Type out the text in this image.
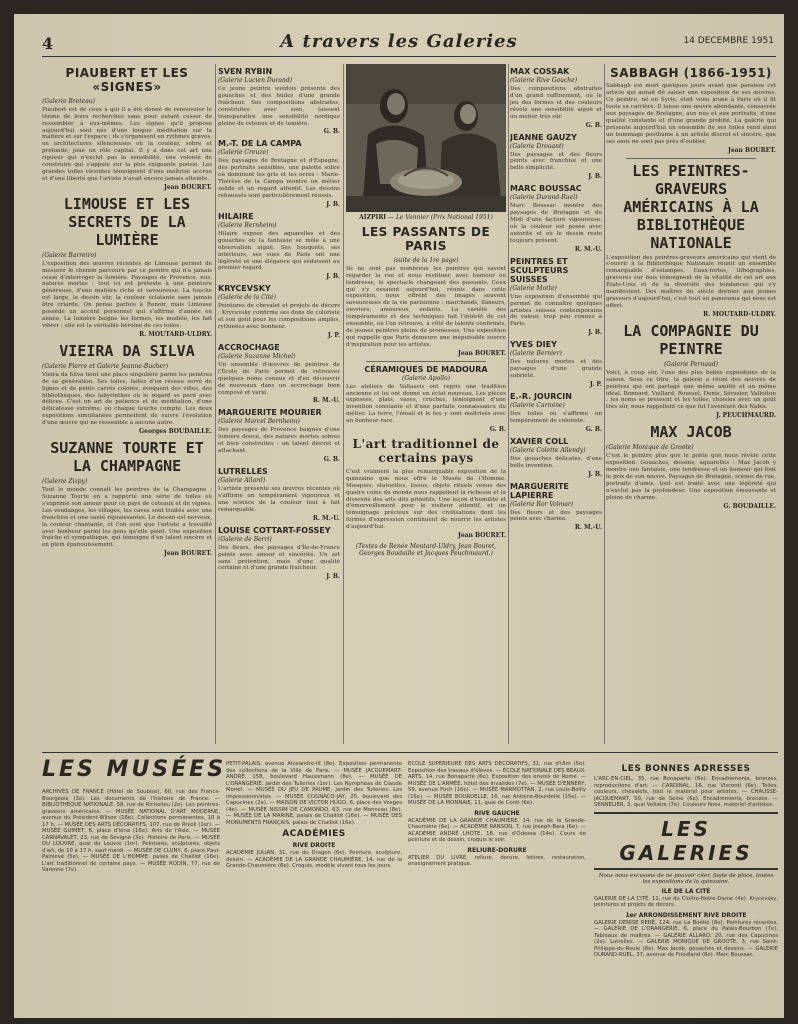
4	A travers les Galeries	14 DECEMBRE 1951
PIAUBERT ET LES «SIGNES»
(Galerie Breteau)

Piaubert est de ceux à qui il a été donné de renouveler le thème de leurs recherches sans pour autant cesser de ressembler à eux-mêmes. Les signes qu'il propose aujourd'hui sont nés d'une longue méditation sur la matière et sur l'espace ; ils s'organisent en rythmes graves, en architectures silencieuses où la couleur, sobre et profonde, joue un rôle capital. Il y a dans cet art une rigueur qui n'exclut pas la sensibilité, une volonté de construire qui s'appuie sur la plus exigeante poésie. Les grandes toiles récentes témoignent d'une maîtrise accrue et d'une liberté que l'artiste n'avait encore jamais atteinte.

Jean BOURET.
LIMOUSE ET LES SECRETS DE LA LUMIÈRE
(Galerie Barreiro)

L'exposition des œuvres récentes de Limouse permet de mesurer le chemin parcouru par ce peintre qui n'a jamais cessé d'interroger la lumière. Paysages de Provence, nus, natures mortes : tout ici est prétexte à une peinture généreuse, d'une matière riche et savoureuse. La touche est large, le dessin sûr, la couleur éclatante sans jamais être criarde. On pense parfois à Renoir, mais Limouse possède un accent personnel qui s'affirme d'année en année. La lumière baigne les formes, les modèle, les fait vibrer ; elle est la véritable héroïne de ces toiles.

R. MOUTARD-ULDRY.
VIEIRA DA SILVA
(Galerie Pierre et Galerie Jeanne-Bucher)

Vieira da Silva tient une place singulière parmi les peintres de sa génération. Ses toiles, faites d'un réseau serré de lignes et de petits carrés colorés, évoquent des villes, des bibliothèques, des labyrinthes où le regard se perd avec délices. C'est un art de patience et de méditation, d'une délicatesse extrême, où chaque touche compte. Les deux expositions simultanées permettent de suivre l'évolution d'une œuvre qui ne ressemble à aucune autre.

Georges BOUDAILLE.
SUZANNE TOURTE ET LA CHAMPAGNE
(Galerie Zizpy)

Tout le monde connaît les peintres de la Champagne ; Suzanne Tourte en a rapporté une série de toiles où s'exprime son amour pour ce pays de coteaux et de vignes. Les vendanges, les villages, les caves sont traités avec une franchise et une santé réjouissantes. Le dessin est nerveux, la couleur chantante, et l'on sent que l'artiste a travaillé avec bonheur parmi les gens qu'elle peint. Une exposition fraîche et sympathique, qui témoigne d'un talent sincère et en plein épanouissement.

Jean BOURET.
SVEN RYBIN
(Galerie Lucien Durand)

Ce jeune peintre suédois présente des gouaches et des huiles d'une grande fraîcheur. Ses compositions abstraites, construites avec soin, laissent transparaître une sensibilité nordique pleine de retenue et de lumière.

G. B.
M.-T. DE LA CAMPA
(Galerie Creuze)

Des paysages de Bretagne et d'Espagne, des portraits sensibles, une palette sobre où dominent les gris et les ocres : Marie-Thérèse de la Campa montre un métier solide et un regard attentif. Les dessins rehaussés sont particulièrement réussis.

J. B.
HILAIRE
(Galerie Bernheim)

Hilaire expose des aquarelles et des gouaches où la fantaisie se mêle à une observation aiguë. Ses bouquets, ses intérieurs, ses vues de Paris ont une légèreté et une élégance qui séduisent au premier regard.

J. B.
KRYCEVSKY
(Galerie de la Cité)

Peintures de chevalet et projets de décors : Krycevsky confirme ses dons de coloriste et son goût pour les compositions amples, rythmées avec bonheur.

J. P.
ACCROCHAGE
(Galerie Suzanne Michel)

Un ensemble d'œuvres de peintres de l'École de Paris permet de retrouver quelques noms connus et d'en découvrir de nouveaux dans un accrochage bien composé et varié.

R. M.-U.
MARGUERITE MOURIER
(Galerie Marcel Bernheim)

Des paysages de Provence baignés d'une lumière douce, des natures mortes sobres et bien construites : un talent discret et attachant.

G. B.
LUTRELLES
(Galerie Allard)

L'artiste présente ses œuvres récentes où s'affirme un tempérament vigoureux et une science de la couleur tout à fait remarquable.

R. M.-U.
LOUISE COTTART-FOSSEY
(Galerie de Berri)

Des fleurs, des paysages d'Île-de-France peints avec amour et sincérité. Un art sans prétention, mais d'une qualité certaine et d'une grande fraîcheur.

J. B.
AIZPIRI — Le Vannier (Prix National 1951)
LES PASSANTS DE PARIS
(suite de la 1re page)

Ils ne sont pas nombreux les peintres qui savent regarder la rue et nous restituer, avec humour ou tendresse, le spectacle changeant des passants. Ceux qui s'y essaient aujourd'hui, réunis dans cette exposition, nous offrent des images souvent savoureuses de la vie parisienne : marchands, flâneurs, ouvriers, amoureux, enfants. La variété des tempéraments et des techniques fait l'intérêt de cet ensemble, où l'on retrouve, à côté de talents confirmés, de jeunes peintres pleins de promesses. Une exposition qui rappelle que Paris demeure une inépuisable source d'inspiration pour les artistes.

Jean BOURET.
CÉRAMIQUES DE MADOURA
(Galerie Apollo)

Les ateliers de Vallauris ont repris une tradition ancienne et lui ont donné un éclat nouveau. Les pièces exposées, plats, vases, cruches, témoignent d'une invention constante et d'une parfaite connaissance du métier. La terre, l'émail et le feu y sont maîtrisés avec un bonheur rare.

G. B.
L'art traditionnel de certains pays

C'est vraiment la plus remarquable exposition de la quinzaine que nous offre le Musée de l'Homme. Masques, statuettes, tissus, objets rituels venus des quatre coins du monde nous rappellent la richesse et la diversité des arts dits primitifs. Une leçon d'humilité et d'émerveillement pour le visiteur attentif, et un témoignage précieux sur des civilisations dont les formes d'expression continuent de nourrir les artistes d'aujourd'hui.

Jean BOURET.
(Textes de Renée Moutard-Uldry, Jean Bouret, Georges Boudaille et Jacques Peuchmaurd.)
MAX COSSAK
(Galerie Rive Gauche)

Des compositions abstraites d'un grand raffinement, où le jeu des formes et des couleurs révèle une sensibilité aiguë et un métier très sûr.

G. B.
JEANNE GAUZY
(Galerie Drouant)

Des paysages et des fleurs peints avec franchise et une belle simplicité.

J. B.
MARC BOUSSAC
(Galerie Durand-Ruel)

Marc Boussac montre des paysages de Bretagne et du Midi d'une facture vigoureuse, où la couleur est posée avec autorité et où le dessin reste toujours présent.

R. M.-U.
PEINTRES ET SCULPTEURS SUISSES
(Galerie Motte)

Une exposition d'ensemble qui permet de connaître quelques artistes suisses contemporains de valeur, trop peu connus à Paris.

J. B.
YVES DIEY
(Galerie Bernier)

Des natures mortes et des paysages d'une grande sobriété.

J. P.
E.-R. JOURCIN
(Galerie Carmine)

Des toiles où s'affirme un tempérament de coloriste.

G. B.
XAVIER COLL
(Galerie Colette Allendy)

Des gouaches délicates, d'une belle invention.

J. B.
MARGUERITE LAPIERRE
(Galerie Ror Volmar)

Des fleurs et des paysages peints avec charme.

R. M.-U.
SABBAGH (1866-1951)

Sabbagh est mort quelques jours avant que paraisse cet article qui aurait dû saluer une exposition de ses œuvres. Ce peintre, né en Syrie, était venu jeune à Paris où il fit toute sa carrière. Il laisse une œuvre abondante, consacrée aux paysages de Bretagne, aux nus et aux portraits, d'une qualité constante et d'une grande probité. La galerie qui présente aujourd'hui un ensemble de ses toiles rend ainsi un hommage posthume à un artiste discret et sincère, que ses amis ne sont pas près d'oublier.

Jean BOURET.
LES PEINTRES-GRAVEURS AMÉRICAINS À LA BIBLIOTHÈQUE NATIONALE

L'exposition des peintres-graveurs américains qui vient de s'ouvrir à la Bibliothèque Nationale réunit un ensemble remarquable d'estampes. Eaux-fortes, lithographies, gravures sur bois témoignent de la vitalité de cet art aux États-Unis et de la diversité des tendances qui s'y manifestent. Des maîtres du siècle dernier aux jeunes graveurs d'aujourd'hui, c'est tout un panorama qui nous est offert.

R. MOUTARD-ULDRY.
LA COMPAGNIE DU PEINTRE
(Galerie Pernaud)

Voici, à coup sûr, l'une des plus belles expositions de la saison. Sous ce titre, la galerie a réuni des œuvres de peintres qui ont partagé une même amitié et un même idéal. Bonnard, Vuillard, Roussel, Denis, Sérusier, Vallotton : les noms se pressent et les toiles, choisies avec un goût très sûr, nous rappellent ce que fut l'aventure des Nabis.

J. PEUCHMAURD.
MAX JACOB
(Galerie Monique de Groote)

C'est le peintre plus que le poète que nous révèle cette exposition. Gouaches, dessins, aquarelles : Max Jacob y montre une fantaisie, une tendresse et un humour qui font le prix de son œuvre. Paysages de Bretagne, scènes de rue, portraits d'amis, tout est traité avec une légèreté qui n'exclut pas la profondeur. Une exposition émouvante et pleine de charme.

G. BOUDAILLE.
LES MUSÉES

ARCHIVES DE FRANCE (Hôtel de Soubise), 60, rue des Francs-Bourgeois (3e). Les documents de l'histoire de France. — BIBLIOTHÈQUE NATIONALE, 58, rue de Richelieu (2e). Les peintres-graveurs américains. — MUSÉE NATIONAL D'ART MODERNE, avenue du Président-Wilson (16e). Collections permanentes, 10 à 17 h. — MUSÉE DES ARTS DÉCORATIFS, 107, rue de Rivoli (1er). — MUSÉE GUIMET, 6, place d'Iéna (16e). Arts de l'Asie. — MUSÉE CARNAVALET, 23, rue de Sévigné (3e). Histoire de Paris. — MUSÉE DU LOUVRE, quai du Louvre (1er). Peintures, sculptures, objets d'art, de 10 à 17 h, sauf mardi. — MUSÉE DE CLUNY, 6, place Paul-Painlevé (5e). — MUSÉE DE L'HOMME, palais de Chaillot (16e). L'art traditionnel de certains pays. — MUSÉE RODIN, 77, rue de Varenne (7e).

PETIT-PALAIS, avenue Alexandre-III (8e). Exposition permanente des collections de la Ville de Paris. — MUSÉE JACQUEMART-ANDRÉ, 158, boulevard Haussmann (8e). — MUSÉE DE L'ORANGERIE, jardin des Tuileries (1er). Les Nymphéas de Claude Monet. — MUSÉE DU JEU DE PAUME, jardin des Tuileries. Les impressionnistes. — MUSÉE COGNACQ-JAY, 25, boulevard des Capucines (2e). — MAISON DE VICTOR HUGO, 6, place des Vosges (4e). — MUSÉE NISSIM DE CAMONDO, 63, rue de Monceau (8e). — MUSÉE DE LA MARINE, palais de Chaillot (16e). — MUSÉE DES MONUMENTS FRANÇAIS, palais de Chaillot (16e).

ACADÉMIES
RIVE DROITE

ACADÉMIE JULIAN, 31, rue du Dragon (6e). Peinture, sculpture, dessin. — ACADÉMIE DE LA GRANDE CHAUMIÈRE, 14, rue de la Grande-Chaumière (6e). Croquis, modèle vivant tous les jours.

ÉCOLE SUPÉRIEURE DES ARTS DÉCORATIFS, 31, rue d'Ulm (5e). Exposition des travaux d'élèves. — ÉCOLE NATIONALE DES BEAUX-ARTS, 14, rue Bonaparte (6e). Exposition des envois de Rome. — MUSÉE DE L'ARMÉE, hôtel des Invalides (7e). — MUSÉE D'ENNERY, 59, avenue Foch (16e). — MUSÉE MARMOTTAN, 2, rue Louis-Boilly (16e). — MUSÉE BOURDELLE, 16, rue Antoine-Bourdelle (15e). — MUSÉE DE LA MONNAIE, 11, quai de Conti (6e).

RIVE GAUCHE

ACADÉMIE DE LA GRANDE CHAUMIÈRE, 14, rue de la Grande-Chaumière (6e). — ACADÉMIE RANSON, 7, rue Joseph-Bara (6e). — ACADÉMIE ANDRÉ LHOTE, 18, rue d'Odessa (14e). Cours de peinture et de dessin, croquis le soir.

RELIURE-DORURE

ATELIER DU LIVRE, reliure, dorure, lettres, restauration, enseignement pratique.

LES BONNES ADRESSES

L'ARC-EN-CIEL, 35, rue Bonaparte (6e). Encadrements, bronzes, reproductions d'art. — CARDINAL, 16, rue Visconti (6e). Toiles, couleurs, chevalets, tout le matériel pour artistes. — CHAUSSE-JACQUEMART, 50, rue de Seine (6e). Encadrements, bronzes. — SENNELIER, 3, quai Voltaire (7e). Couleurs fines, matériel d'artistes.

LES GALERIES
Nous nous excusons de ne pouvoir citer, faute de place, toutes les expositions de la quinzaine.
ILE DE LA CITÉ

GALERIE DE LA CITÉ, 11, rue du Cloître-Notre-Dame (4e). Krycevsky, peintures et projets de décors.

1er ARRONDISSEMENT RIVE DROITE

GALERIE DENISE RENÉ, 124, rue La Boétie (8e). Peintures récentes. — GALERIE DE L'ORANGERIE, 6, place du Palais-Bourbon (7e). Tableaux de maîtres. — GALERIE ALLARD, 20, rue des Capucines (2e). Lutrelles. — GALERIE MONIQUE DE GROOTE, 3, rue Saint-Philippe-du-Roule (8e). Max Jacob, gouaches et dessins. — GALERIE DURAND-RUEL, 37, avenue de Friedland (8e). Marc Boussac.
